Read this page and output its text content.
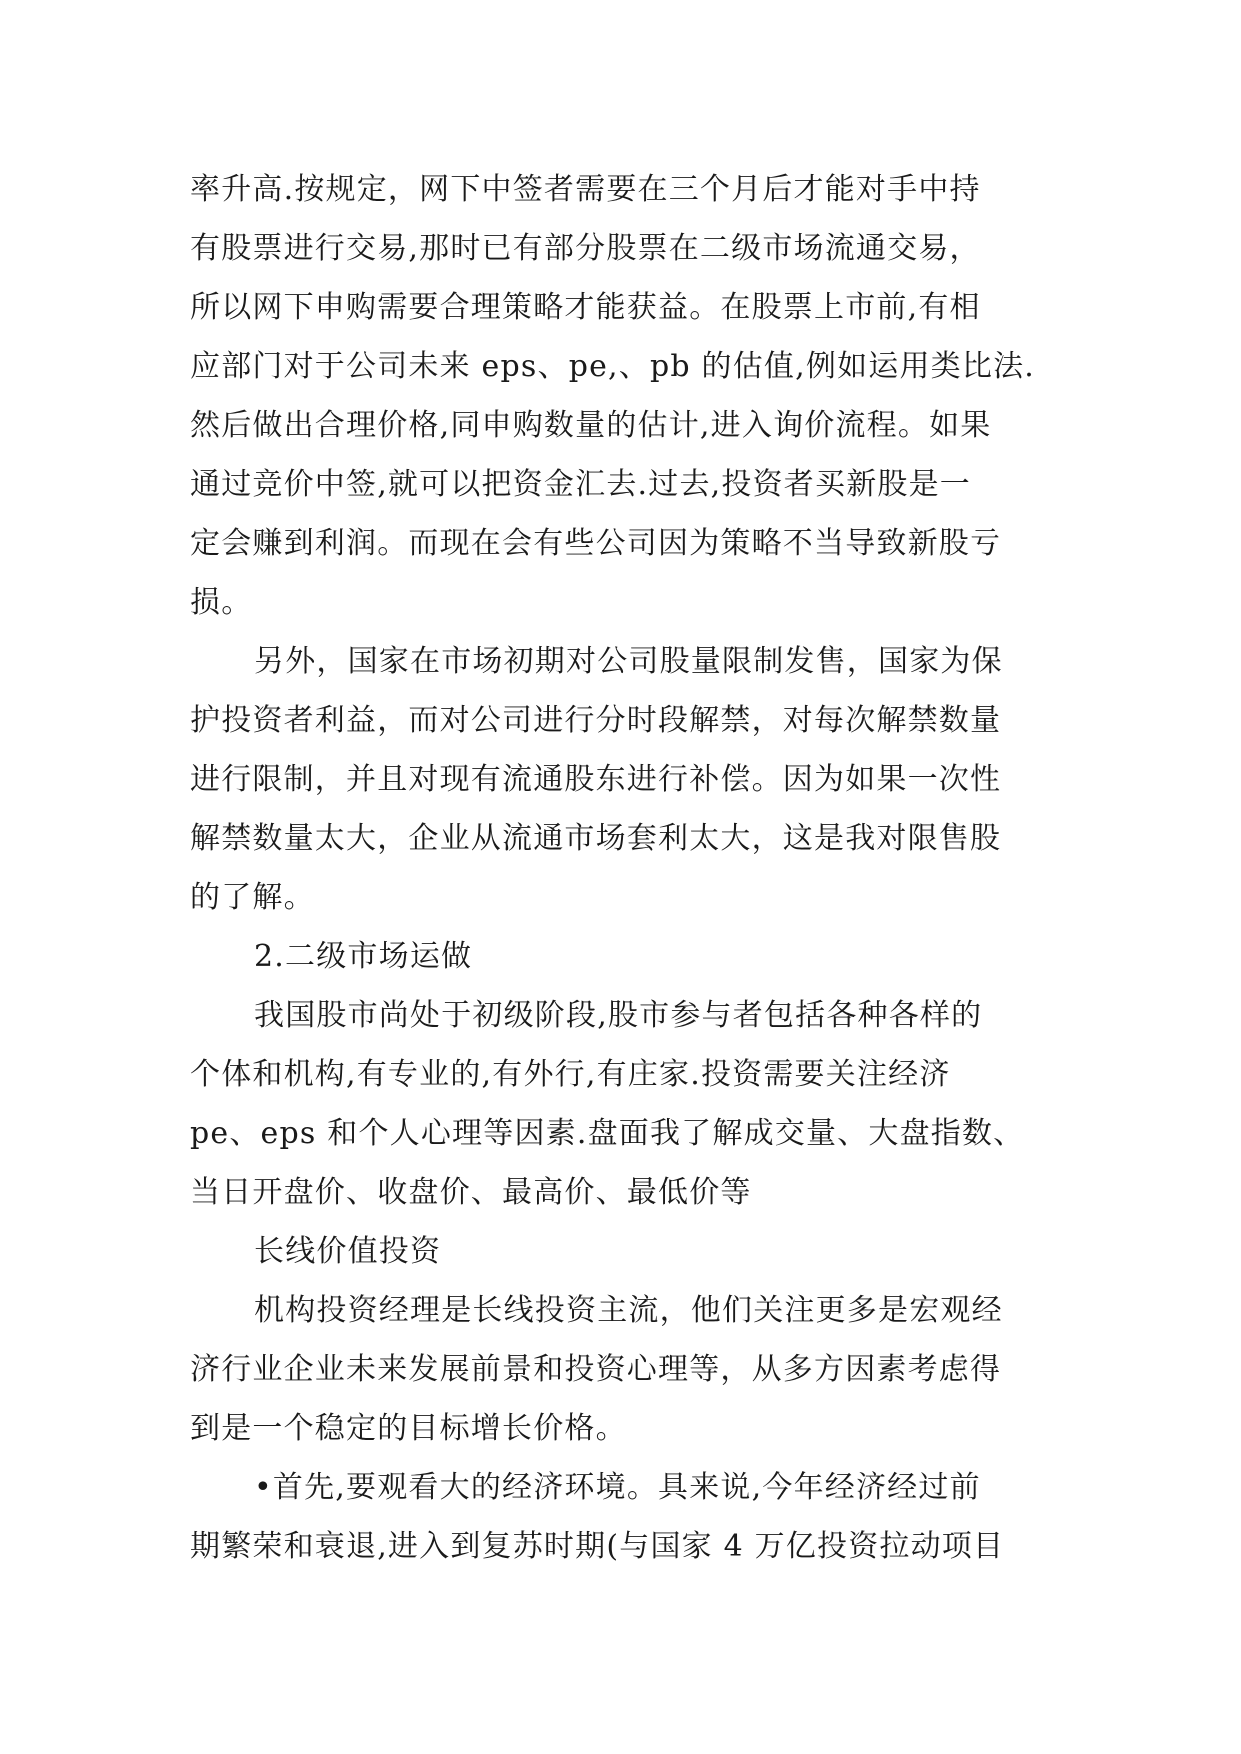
率升高.按规定，网下中签者需要在三个月后才能对手中持
有股票进行交易,那时已有部分股票在二级市场流通交易，
所以网下申购需要合理策略才能获益。在股票上市前,有相
应部门对于公司未来 eps、pe,、pb 的估值,例如运用类比法.
然后做出合理价格,同申购数量的估计,进入询价流程。如果
通过竞价中签,就可以把资金汇去.过去,投资者买新股是一
定会赚到利润。而现在会有些公司因为策略不当导致新股亏
损。
另外，国家在市场初期对公司股量限制发售，国家为保
护投资者利益，而对公司进行分时段解禁，对每次解禁数量
进行限制，并且对现有流通股东进行补偿。因为如果一次性
解禁数量太大，企业从流通市场套利太大，这是我对限售股
的了解。
2.二级市场运做
我国股市尚处于初级阶段,股市参与者包括各种各样的
个体和机构,有专业的,有外行,有庄家.投资需要关注经济
pe、eps 和个人心理等因素.盘面我了解成交量、大盘指数、
当日开盘价、收盘价、最高价、最低价等
长线价值投资
机构投资经理是长线投资主流，他们关注更多是宏观经
济行业企业未来发展前景和投资心理等，从多方因素考虑得
到是一个稳定的目标增长价格。
•首先,要观看大的经济环境。具来说,今年经济经过前
期繁荣和衰退,进入到复苏时期(与国家 4 万亿投资拉动项目
